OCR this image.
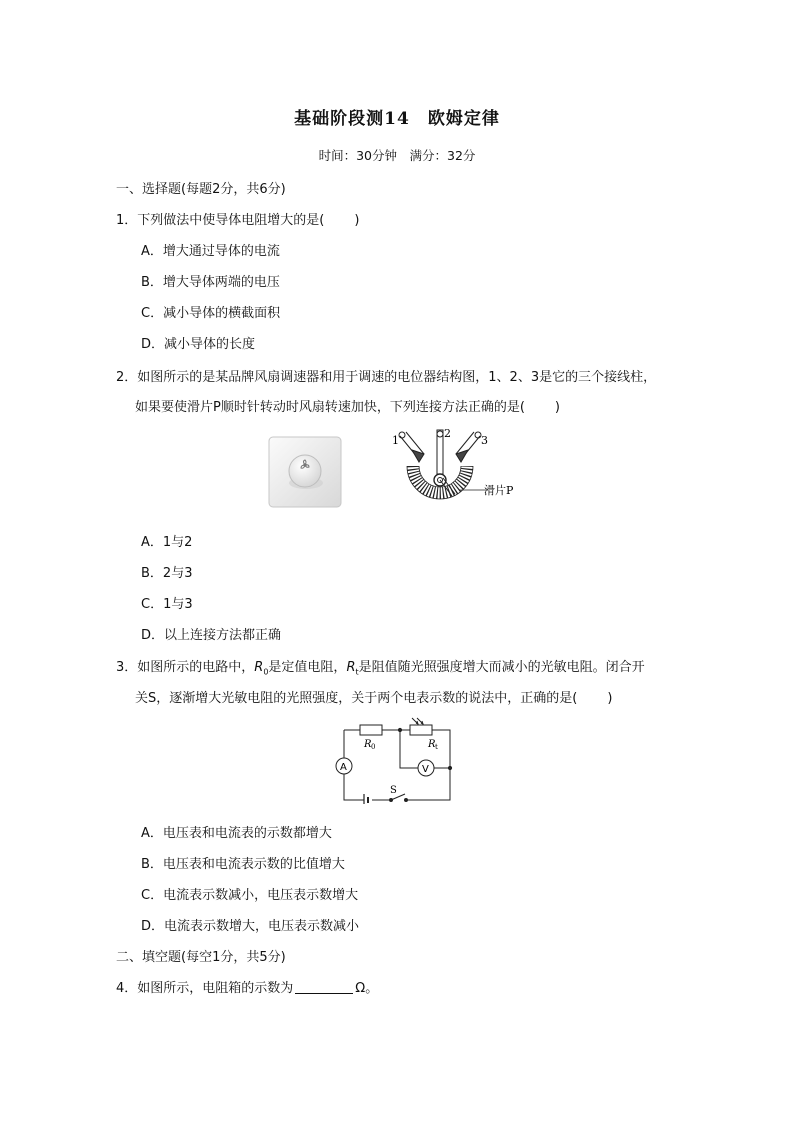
基础阶段测14　欧姆定律
时间：30分钟　满分：32分
一、选择题(每题2分，共6分)
1．下列做法中使导体电阻增大的是( )
A．增大通过导体的电流
B．增大导体两端的电压
C．减小导体的横截面积
D．减小导体的长度
2．如图所示的是某品牌风扇调速器和用于调速的电位器结构图，1、2、3是它的三个接线柱，
如果要使滑片P顺时针转动时风扇转速加快，下列连接方法正确的是( )
1
2
3
滑片P
A．1与2
B．2与3
C．1与3
D．以上连接方法都正确
3．如图所示的电路中，$R_0$是定值电阻，$R_t$是阻值随光照强度增大而减小的光敏电阻。闭合开
关S，逐渐增大光敏电阻的光照强度，关于两个电表示数的说法中，正确的是( )
A	V
R 0	R t
S
A．电压表和电流表的示数都增大
B．电压表和电流表示数的比值增大
C．电流表示数减小，电压表示数增大
D．电流表示数增大，电压表示数减小
二、填空题(每空1分，共5分)
4．如图所示，电阻箱的示数为	Ω。
